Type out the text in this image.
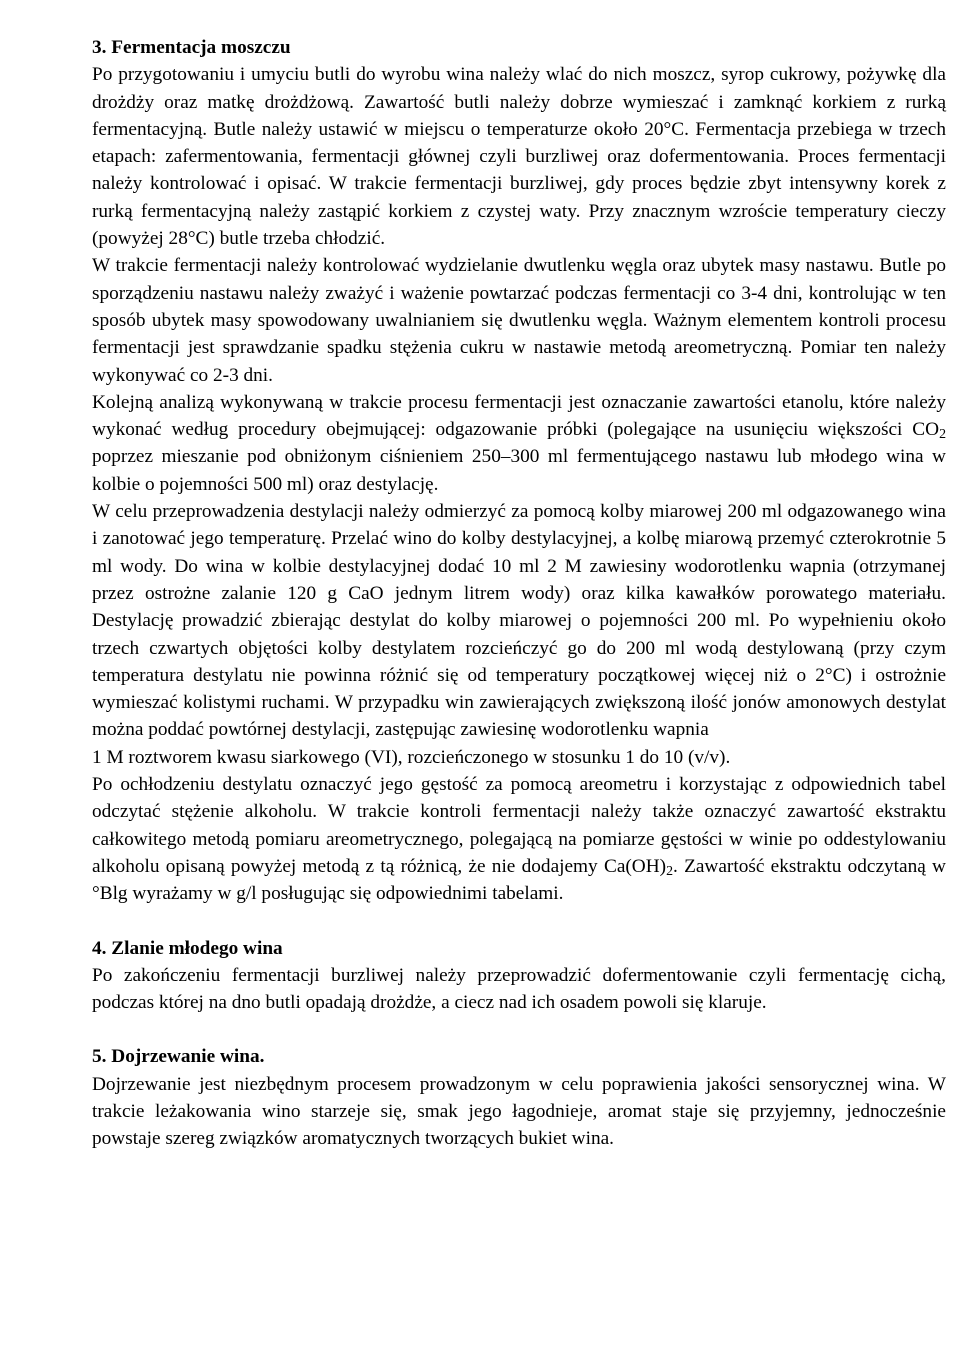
3. Fermentacja moszczu

Po przygotowaniu i umyciu butli do wyrobu wina należy wlać do nich moszcz, syrop cukrowy, pożywkę dla drożdży oraz matkę drożdżową. Zawartość butli należy dobrze wymieszać i zamknąć korkiem z rurką fermentacyjną. Butle należy ustawić w miejscu o temperaturze około 20°C. Fermentacja przebiega w trzech etapach: zafermentowania, fermentacji głównej czyli burzliwej oraz dofermentowania. Proces fermentacji należy kontrolować i opisać. W trakcie fermentacji burzliwej, gdy proces będzie zbyt intensywny korek z rurką fermentacyjną należy zastąpić korkiem z czystej waty. Przy znacznym wzroście temperatury cieczy (powyżej 28°C) butle trzeba chłodzić.

W trakcie fermentacji należy kontrolować wydzielanie dwutlenku węgla oraz ubytek masy nastawu. Butle po sporządzeniu nastawu należy zważyć i ważenie powtarzać podczas fermentacji co 3-4 dni, kontrolując w ten sposób ubytek masy spowodowany uwalnianiem się dwutlenku węgla. Ważnym elementem kontroli procesu fermentacji jest sprawdzanie spadku stężenia cukru w nastawie metodą areometryczną. Pomiar ten należy wykonywać co 2-3 dni.

Kolejną analizą wykonywaną w trakcie procesu fermentacji jest oznaczanie zawartości etanolu, które należy wykonać według procedury obejmującej: odgazowanie próbki (polegające na usunięciu większości $CO_2$ poprzez mieszanie pod obniżonym ciśnieniem 250–300 ml fermentującego nastawu lub młodego wina w kolbie o pojemności 500 ml) oraz destylację.

W celu przeprowadzenia destylacji należy odmierzyć za pomocą kolby miarowej 200 ml odgazowanego wina i zanotować jego temperaturę. Przelać wino do kolby destylacyjnej, a kolbę miarową przemyć czterokrotnie 5 ml wody. Do wina w kolbie destylacyjnej dodać 10 ml 2 M zawiesiny wodorotlenku wapnia (otrzymanej przez ostrożne zalanie 120 g CaO jednym litrem wody) oraz kilka kawałków porowatego materiału. Destylację prowadzić zbierając destylat do kolby miarowej o pojemności 200 ml. Po wypełnieniu około trzech czwartych objętości kolby destylatem rozcieńczyć go do 200 ml wodą destylowaną (przy czym temperatura destylatu nie powinna różnić się od temperatury początkowej więcej niż o 2°C) i ostrożnie wymieszać kolistymi ruchami. W przypadku win zawierających zwiększoną ilość jonów amonowych destylat można poddać powtórnej destylacji, zastępując zawiesinę wodorotlenku wapnia

1 M roztworem kwasu siarkowego (VI), rozcieńczonego w stosunku 1 do 10 (v/v).

Po ochłodzeniu destylatu oznaczyć jego gęstość za pomocą areometru i korzystając z odpowiednich tabel odczytać stężenie alkoholu. W trakcie kontroli fermentacji należy także oznaczyć zawartość ekstraktu całkowitego metodą pomiaru areometrycznego, polegającą na pomiarze gęstości w winie po oddestylowaniu alkoholu opisaną powyżej metodą z tą różnicą, że nie dodajemy $Ca(OH)_2$. Zawartość ekstraktu odczytaną w °Blg wyrażamy w g/l posługując się odpowiednimi tabelami.

4. Zlanie młodego wina

Po zakończeniu fermentacji burzliwej należy przeprowadzić dofermentowanie czyli fermentację cichą, podczas której na dno butli opadają drożdże, a ciecz nad ich osadem powoli się klaruje.

5. Dojrzewanie wina.

Dojrzewanie jest niezbędnym procesem prowadzonym w celu poprawienia jakości sensorycznej wina. W trakcie leżakowania wino starzeje się, smak jego łagodnieje, aromat staje się przyjemny, jednocześnie powstaje szereg związków aromatycznych tworzących bukiet wina.
